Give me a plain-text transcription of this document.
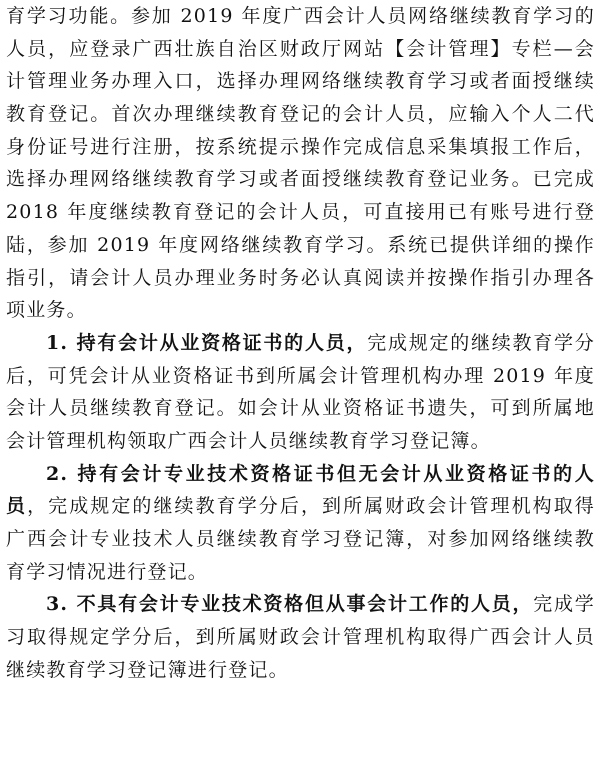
育学习功能。参加 2019 年度广西会计人员网络继续教育学习的
人员，应登录广西壮族自治区财政厅网站【会计管理】专栏—会
计管理业务办理入口，选择办理网络继续教育学习或者面授继续
教育登记。首次办理继续教育登记的会计人员，应输入个人二代
身份证号进行注册，按系统提示操作完成信息采集填报工作后，
选择办理网络继续教育学习或者面授继续教育登记业务。已完成
2018 年度继续教育登记的会计人员，可直接用已有账号进行登
陆，参加 2019 年度网络继续教育学习。系统已提供详细的操作
指引，请会计人员办理业务时务必认真阅读并按操作指引办理各
项业务。
1. 持有会计从业资格证书的人员，完成规定的继续教育学分
后，可凭会计从业资格证书到所属会计管理机构办理 2019 年度
会计人员继续教育登记。如会计从业资格证书遗失，可到所属地
会计管理机构领取广西会计人员继续教育学习登记簿。
2. 持有会计专业技术资格证书但无会计从业资格证书的人
员，完成规定的继续教育学分后，到所属财政会计管理机构取得
广西会计专业技术人员继续教育学习登记簿，对参加网络继续教
育学习情况进行登记。
3. 不具有会计专业技术资格但从事会计工作的人员，完成学
习取得规定学分后，到所属财政会计管理机构取得广西会计人员
继续教育学习登记簿进行登记。
